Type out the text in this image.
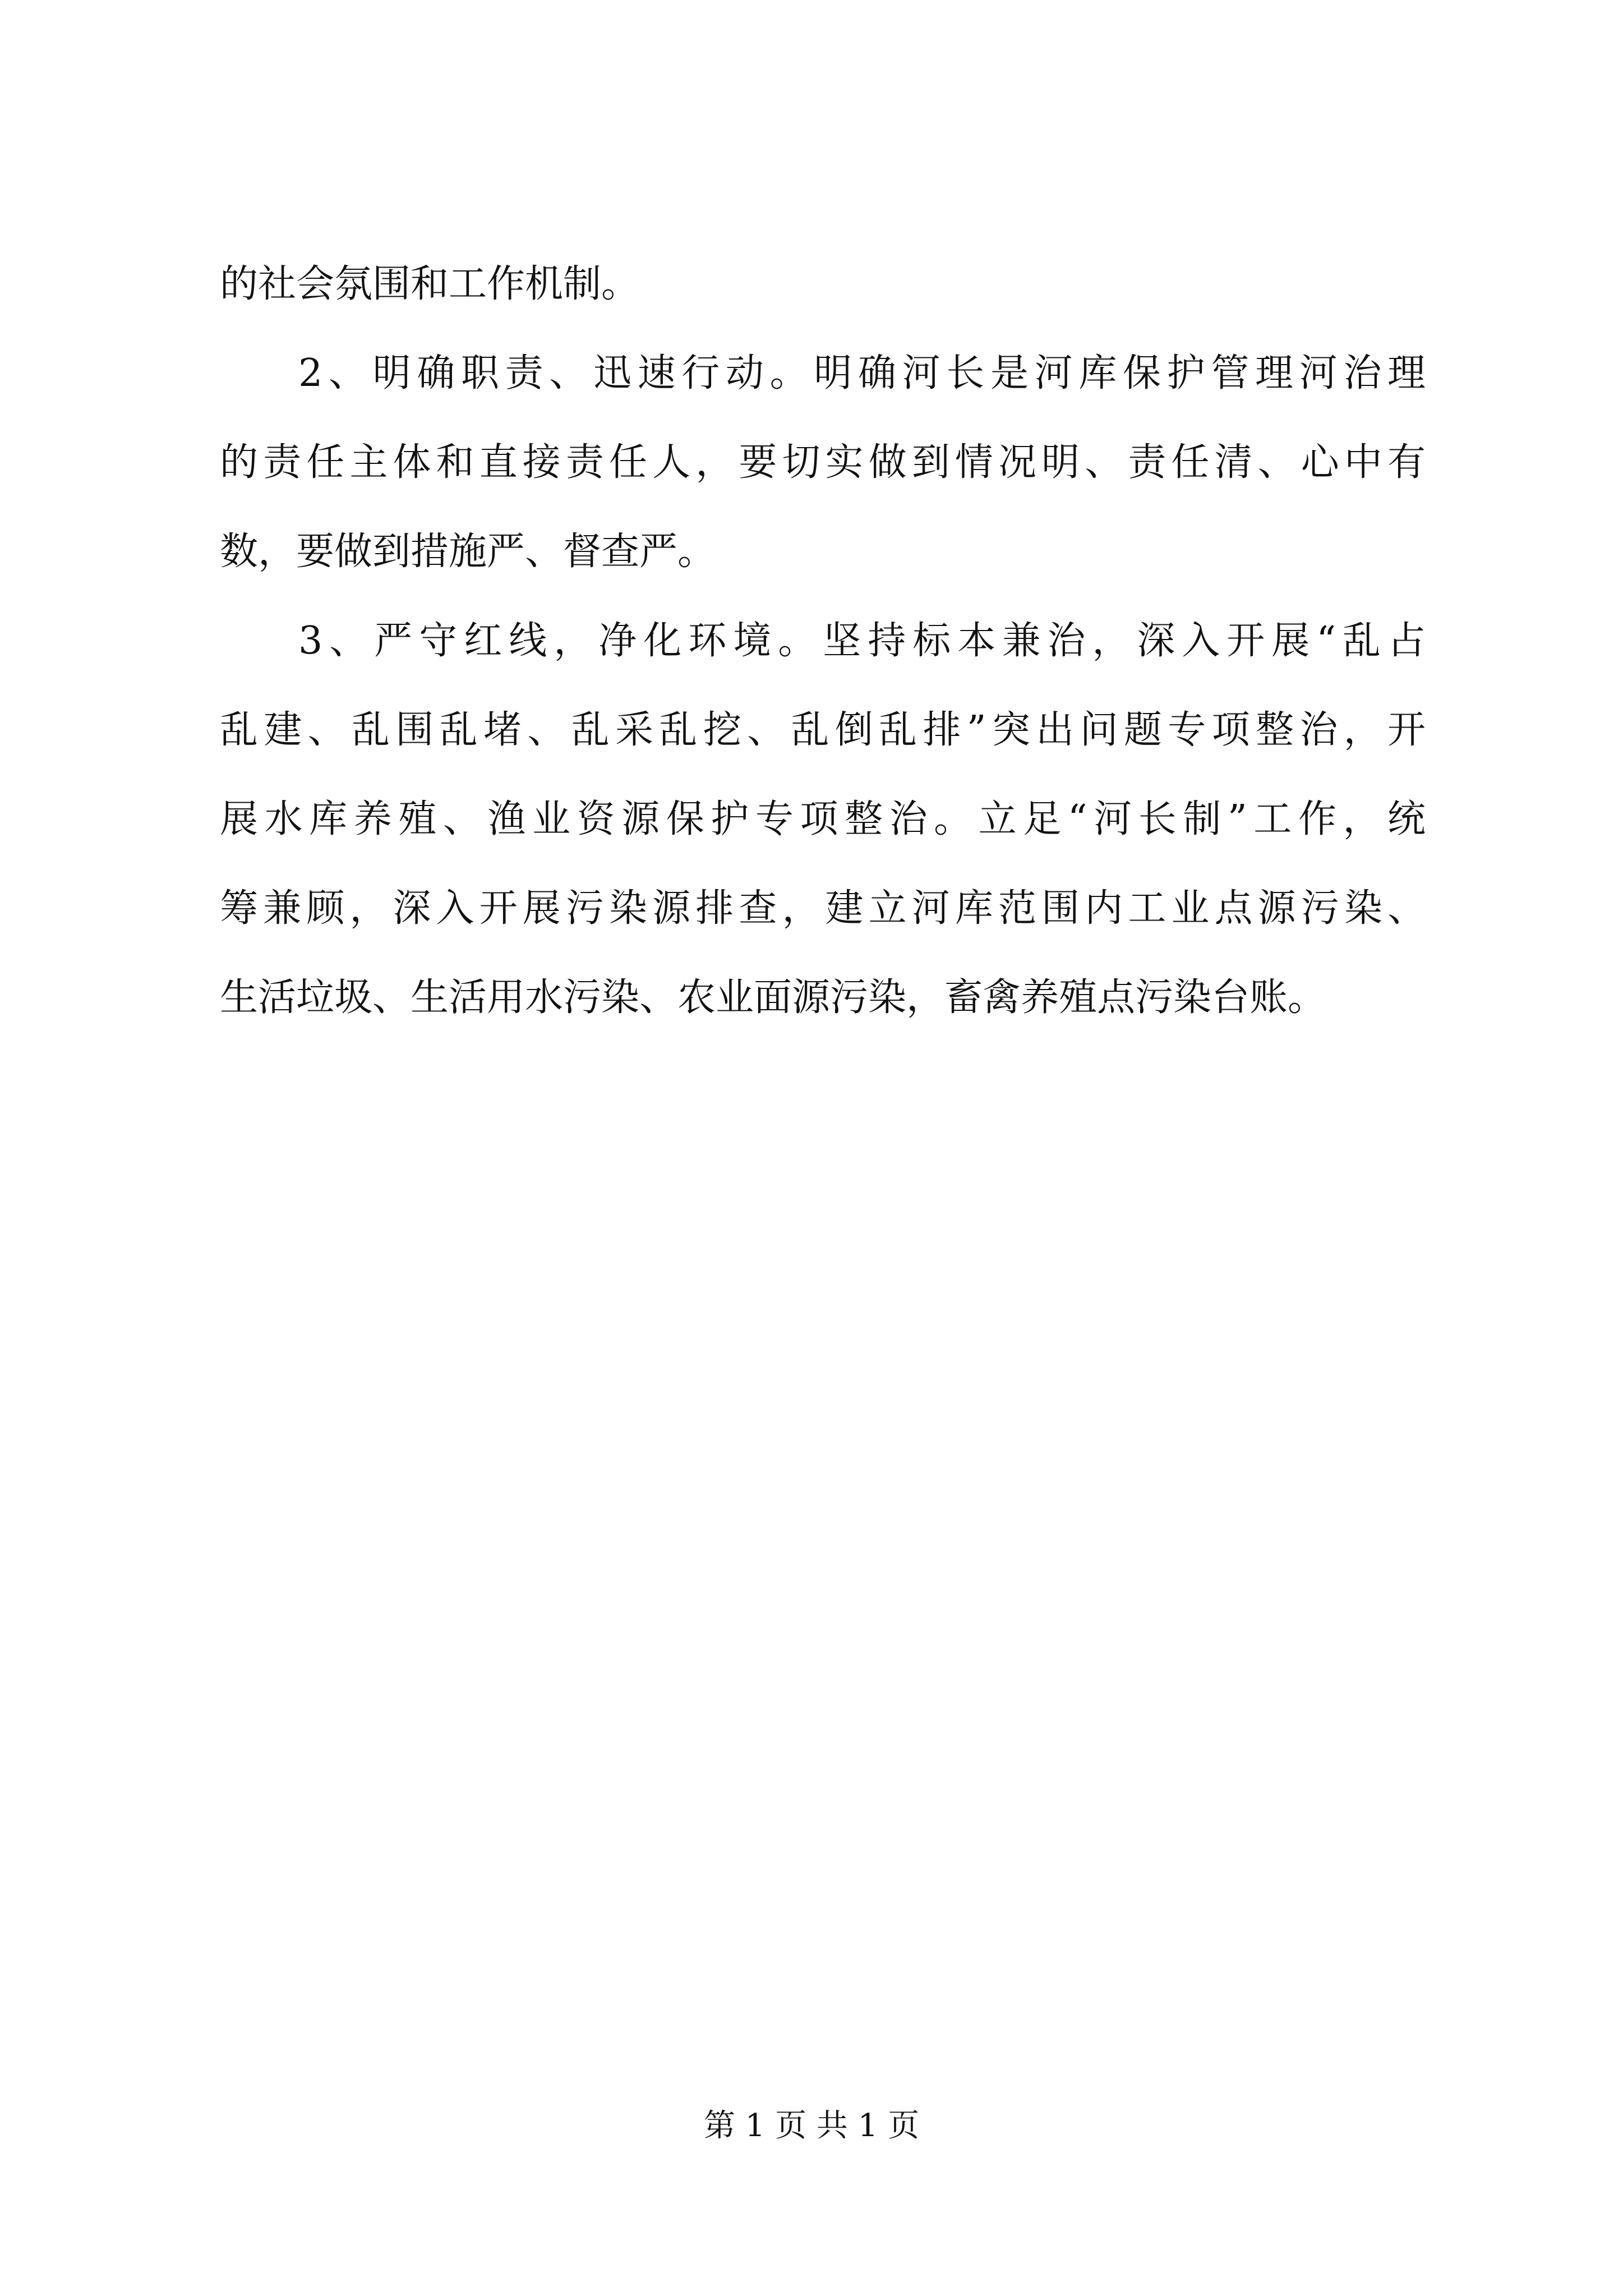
的社会氛围和工作机制。
2、明确职责、迅速行动。明确河长是河库保护管理河治理
的责任主体和直接责任人，要切实做到情况明、责任清、心中有
数，要做到措施严、督查严。
3、严守红线，净化环境。坚持标本兼治，深入开展“乱占
乱建、乱围乱堵、乱采乱挖、乱倒乱排”突出问题专项整治，开
展水库养殖、渔业资源保护专项整治。立足“河长制”工作，统
筹兼顾，深入开展污染源排查，建立河库范围内工业点源污染、
生活垃圾、生活用水污染、农业面源污染，畜禽养殖点污染台账。
第 1 页 共 1 页
